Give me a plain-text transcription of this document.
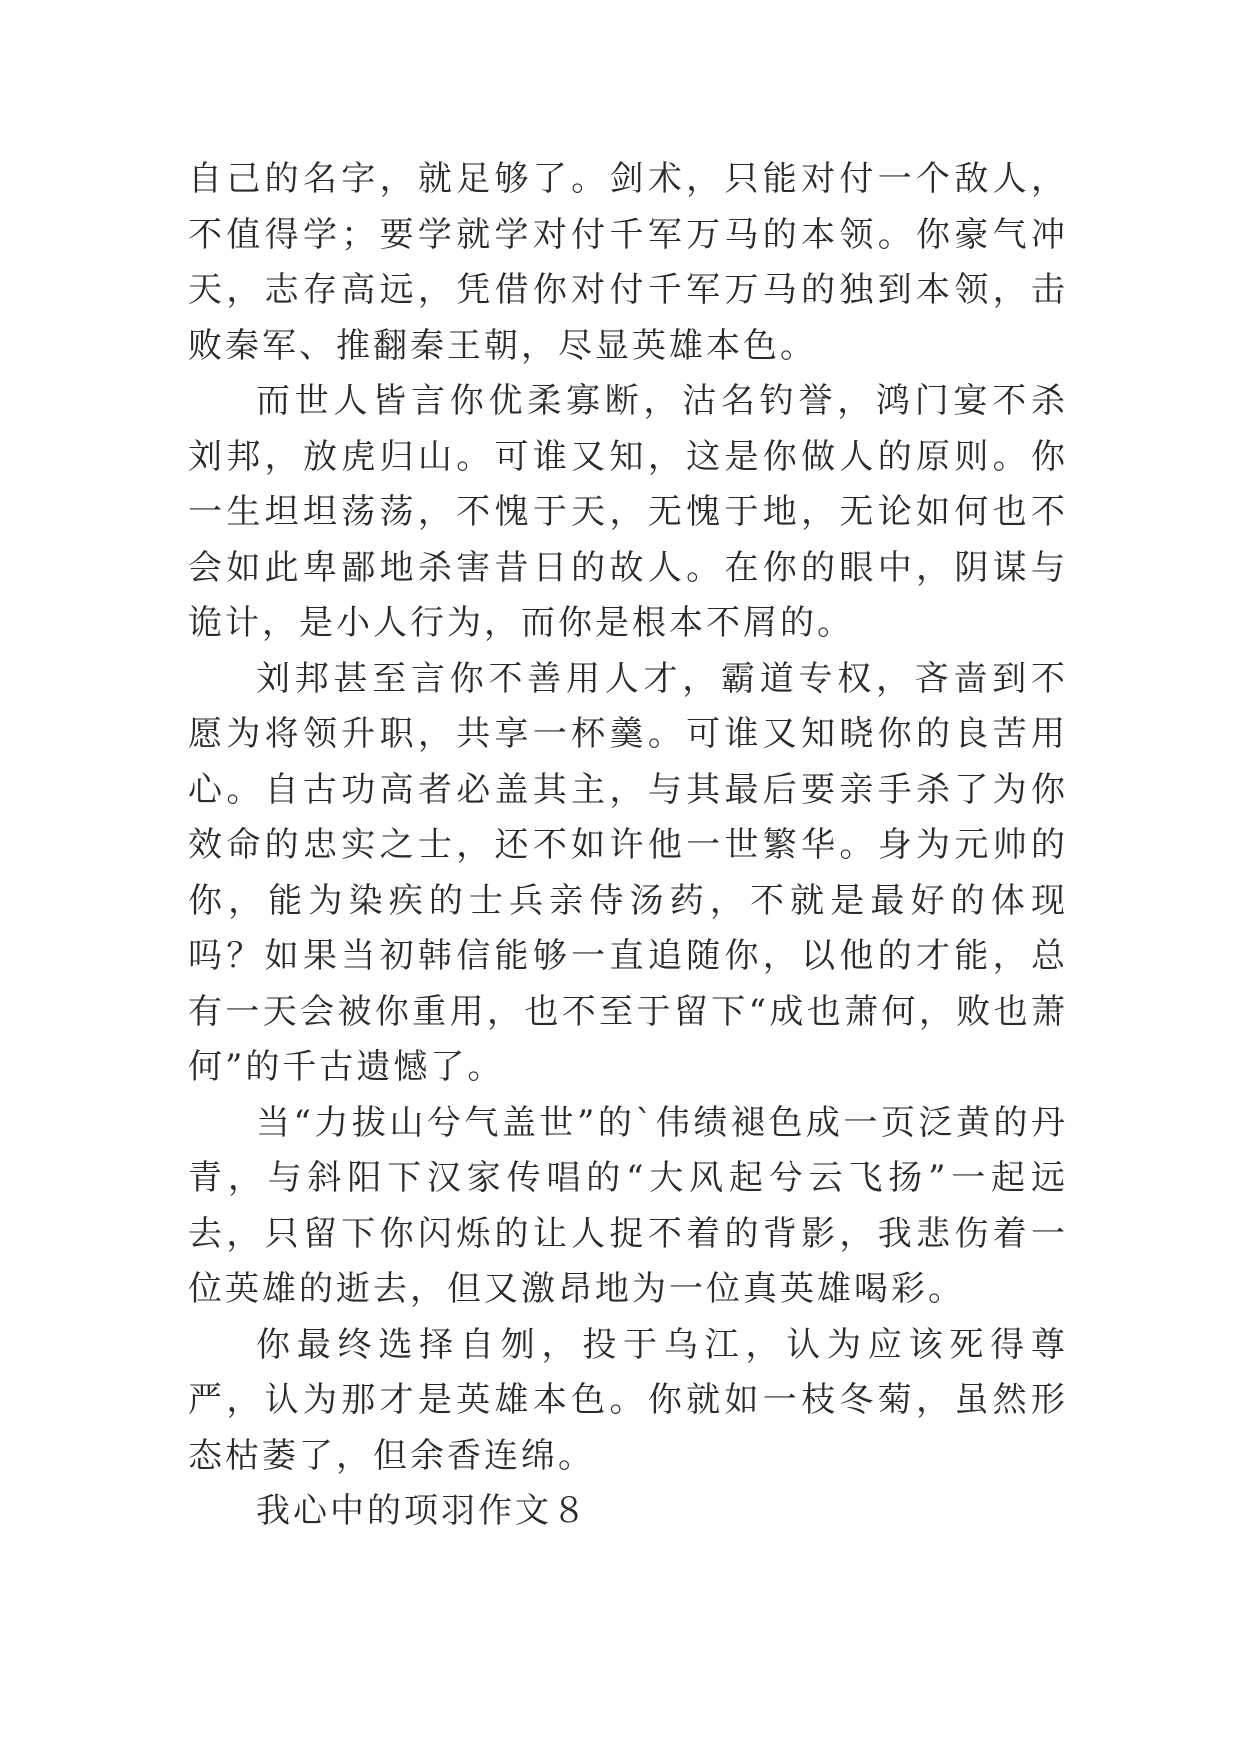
自己的名字，就足够了。剑术，只能对付一个敌人，不值得学；要学就学对付千军万马的本领。你豪气冲天，志存高远，凭借你对付千军万马的独到本领，击败秦军、推翻秦王朝，尽显英雄本色。

而世人皆言你优柔寡断，沽名钓誉，鸿门宴不杀刘邦，放虎归山。可谁又知，这是你做人的原则。你一生坦坦荡荡，不愧于天，无愧于地，无论如何也不会如此卑鄙地杀害昔日的故人。在你的眼中，阴谋与诡计，是小人行为，而你是根本不屑的。

刘邦甚至言你不善用人才，霸道专权，吝啬到不愿为将领升职，共享一杯羹。可谁又知晓你的良苦用心。自古功高者必盖其主，与其最后要亲手杀了为你效命的忠实之士，还不如许他一世繁华。身为元帅的你，能为染疾的士兵亲侍汤药，不就是最好的体现吗？如果当初韩信能够一直追随你，以他的才能，总有一天会被你重用，也不至于留下“成也萧何，败也萧何”的千古遗憾了。

当“力拔山兮气盖世”的`伟绩褪色成一页泛黄的丹青，与斜阳下汉家传唱的“大风起兮云飞扬”一起远去，只留下你闪烁的让人捉不着的背影，我悲伤着一位英雄的逝去，但又激昂地为一位真英雄喝彩。

你最终选择自刎，投于乌江，认为应该死得尊严，认为那才是英雄本色。你就如一枝冬菊，虽然形态枯萎了，但余香连绵。

我心中的项羽作文８
